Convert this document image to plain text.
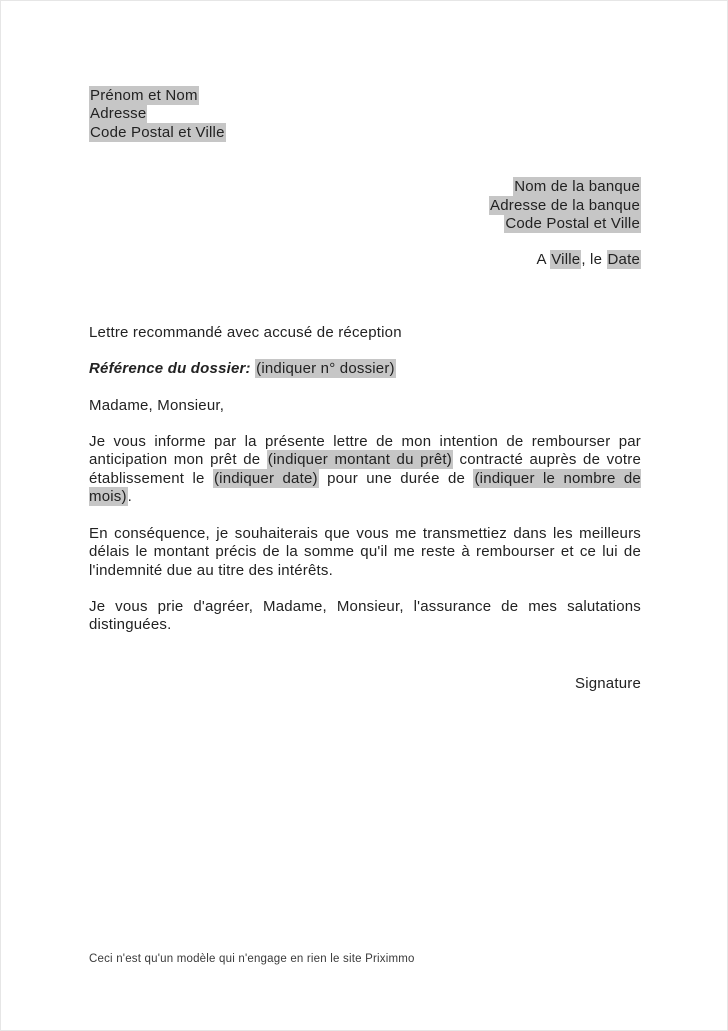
Prénom et Nom
Adresse
Code Postal et Ville
Nom de la banque
Adresse de la banque
Code Postal et Ville
A Ville, le Date
Lettre recommandé avec accusé de réception
Référence du dossier: (indiquer n° dossier)
Madame, Monsieur,
Je vous informe par la présente lettre de mon intention de rembourser par anticipation mon prêt de (indiquer montant du prêt) contracté auprès de votre établissement le (indiquer date) pour une durée de (indiquer le nombre de mois).
En conséquence, je souhaiterais que vous me transmettiez dans les meilleurs délais le montant précis de la somme qu'il me reste à rembourser et ce lui de l'indemnité due au titre des intérêts.
Je vous prie d'agréer, Madame, Monsieur, l'assurance de mes salutations distinguées.
Signature
Ceci n'est qu'un modèle qui n'engage en rien le site Priximmo
